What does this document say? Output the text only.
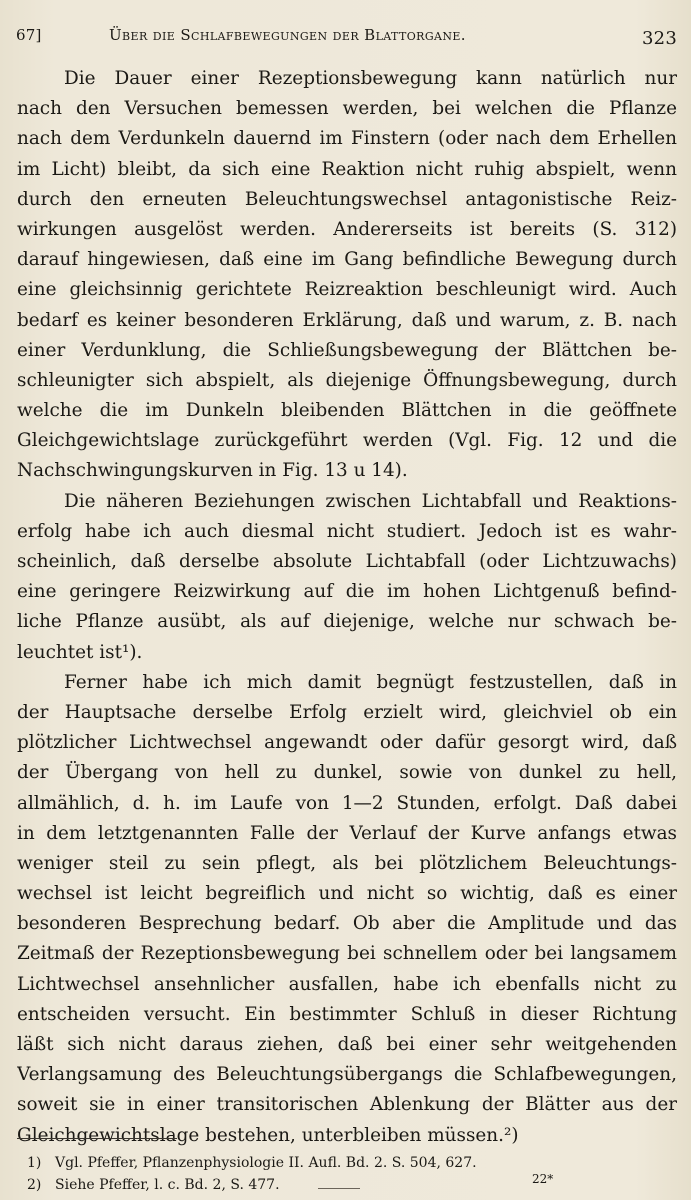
67]	Über die Schlafbewegungen der Blattorgane.	323
Die Dauer einer Rezeptionsbewegung kann natürlich nur
nach den Versuchen bemessen werden, bei welchen die Pflanze
nach dem Verdunkeln dauernd im Finstern (oder nach dem Erhellen
im Licht) bleibt, da sich eine Reaktion nicht ruhig abspielt, wenn
durch den erneuten Beleuchtungswechsel antagonistische Reiz-
wirkungen ausgelöst werden. Andererseits ist bereits (S. 312)
darauf hingewiesen, daß eine im Gang befindliche Bewegung durch
eine gleichsinnig gerichtete Reizreaktion beschleunigt wird. Auch
bedarf es keiner besonderen Erklärung, daß und warum, z. B. nach
einer Verdunklung, die Schließungsbewegung der Blättchen be-
schleunigter sich abspielt, als diejenige Öffnungsbewegung, durch
welche die im Dunkeln bleibenden Blättchen in die geöffnete
Gleichgewichtslage zurückgeführt werden (Vgl. Fig. 12 und die
Nachschwingungskurven in Fig. 13 u 14).
Die näheren Beziehungen zwischen Lichtabfall und Reaktions-
erfolg habe ich auch diesmal nicht studiert. Jedoch ist es wahr-
scheinlich, daß derselbe absolute Lichtabfall (oder Lichtzuwachs)
eine geringere Reizwirkung auf die im hohen Lichtgenuß befind-
liche Pflanze ausübt, als auf diejenige, welche nur schwach be-
leuchtet ist¹).
Ferner habe ich mich damit begnügt festzustellen, daß in
der Hauptsache derselbe Erfolg erzielt wird, gleichviel ob ein
plötzlicher Lichtwechsel angewandt oder dafür gesorgt wird, daß
der Übergang von hell zu dunkel, sowie von dunkel zu hell,
allmählich, d. h. im Laufe von 1—2 Stunden, erfolgt. Daß dabei
in dem letztgenannten Falle der Verlauf der Kurve anfangs etwas
weniger steil zu sein pflegt, als bei plötzlichem Beleuchtungs-
wechsel ist leicht begreiflich und nicht so wichtig, daß es einer
besonderen Besprechung bedarf. Ob aber die Amplitude und das
Zeitmaß der Rezeptionsbewegung bei schnellem oder bei langsamem
Lichtwechsel ansehnlicher ausfallen, habe ich ebenfalls nicht zu
entscheiden versucht. Ein bestimmter Schluß in dieser Richtung
läßt sich nicht daraus ziehen, daß bei einer sehr weitgehenden
Verlangsamung des Beleuchtungsübergangs die Schlafbewegungen,
soweit sie in einer transitorischen Ablenkung der Blätter aus der
Gleichgewichtslage bestehen, unterbleiben müssen.²)
1) Vgl. Pfeffer, Pflanzenphysiologie II. Aufl. Bd. 2. S. 504, 627.
2) Siehe Pfeffer, l. c. Bd. 2, S. 477.	22*
